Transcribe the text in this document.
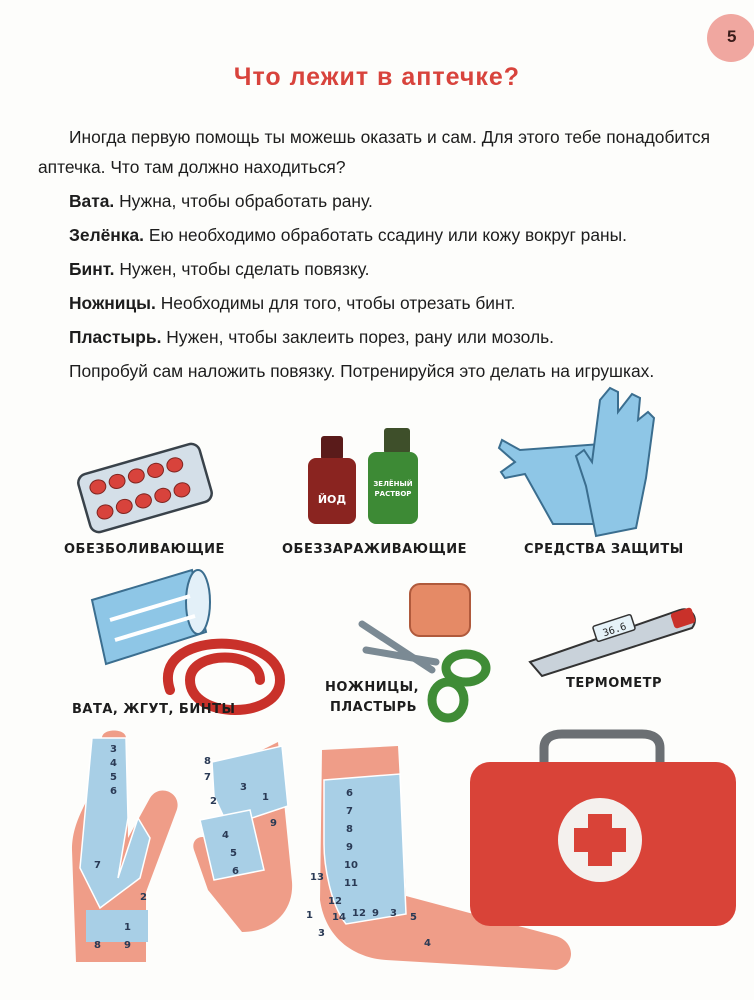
5
Что лежит в аптечке?

Иногда первую помощь ты можешь оказать и сам. Для этого тебе понадобится аптечка. Что там должно находиться?

Вата. Нужна, чтобы обработать рану.

Зелёнка. Ею необходимо обработать ссадину или кожу вокруг раны.

Бинт. Нужен, чтобы сделать повязку.

Ножницы. Необходимы для того, чтобы отрезать бинт.

Пластырь. Нужен, чтобы заклеить порез, рану или мозоль.

Попробуй сам наложить повязку. Потренируйся это делать на игрушках.

ЙОД
ЗЕЛЁНЫЙ
РАСТВОР
36.6
3
4
5
6
7
2
1
8 9
8
7
3
1
2
4
5
6
9
6
7
8
9
10
11
12
13
14 12 9 3 5
4
1
3
ОБЕЗБОЛИВАЮЩИЕ	ОБЕЗЗАРАЖИВАЮЩИЕ	СРЕДСТВА ЗАЩИТЫ
ВАТА, ЖГУТ, БИНТЫ
НОЖНИЦЫ,
ПЛАСТЫРЬ
ТЕРМОМЕТР
